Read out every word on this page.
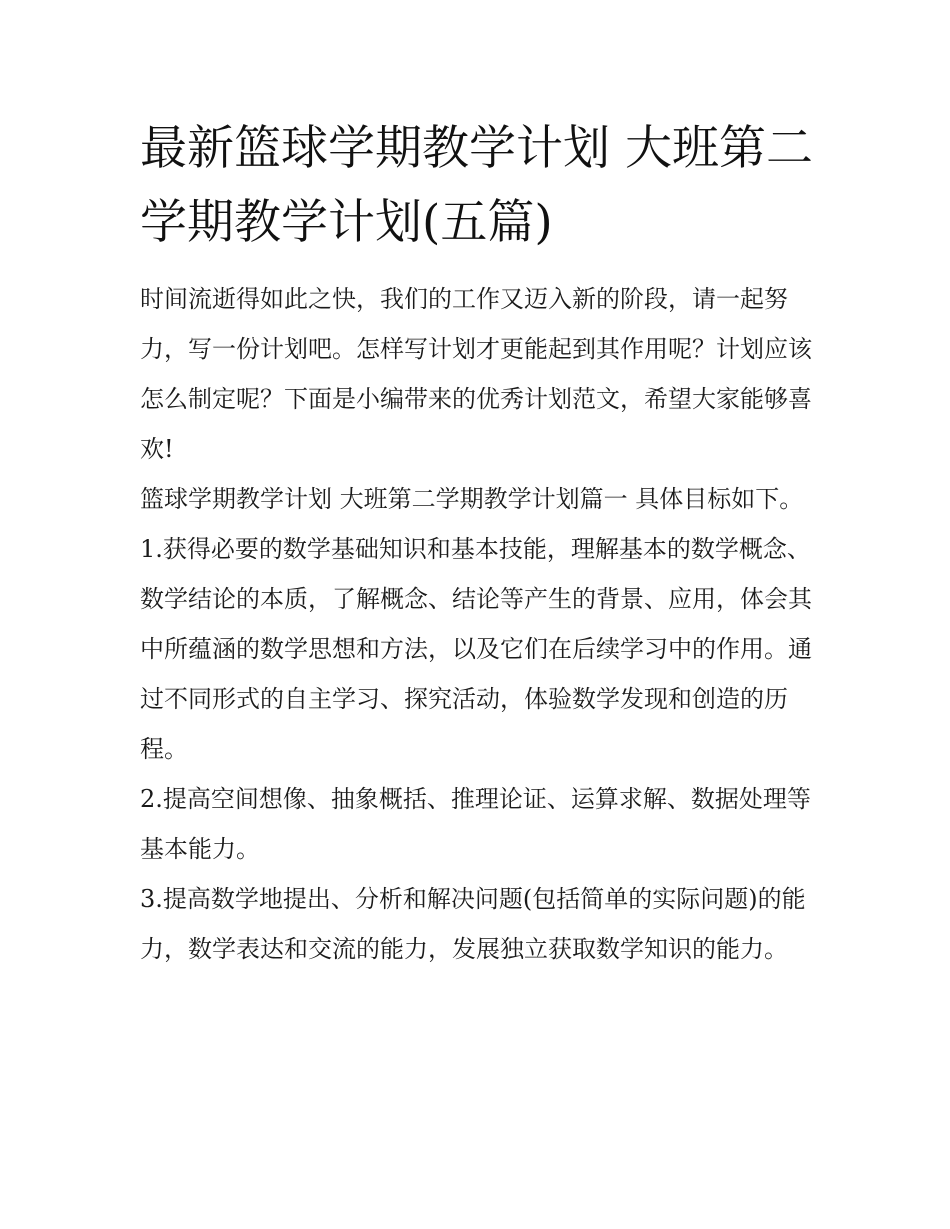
最新篮球学期教学计划 大班第二学期教学计划(五篇)

时间流逝得如此之快，我们的工作又迈入新的阶段，请一起努力，写一份计划吧。怎样写计划才更能起到其作用呢？计划应该怎么制定呢？下面是小编带来的优秀计划范文，希望大家能够喜欢!

篮球学期教学计划 大班第二学期教学计划篇一 具体目标如下。

1.获得必要的数学基础知识和基本技能，理解基本的数学概念、数学结论的本质，了解概念、结论等产生的背景、应用，体会其中所蕴涵的数学思想和方法，以及它们在后续学习中的作用。通过不同形式的自主学习、探究活动，体验数学发现和创造的历程。

2.提高空间想像、抽象概括、推理论证、运算求解、数据处理等基本能力。

3.提高数学地提出、分析和解决问题(包括简单的实际问题)的能力，数学表达和交流的能力，发展独立获取数学知识的能力。
